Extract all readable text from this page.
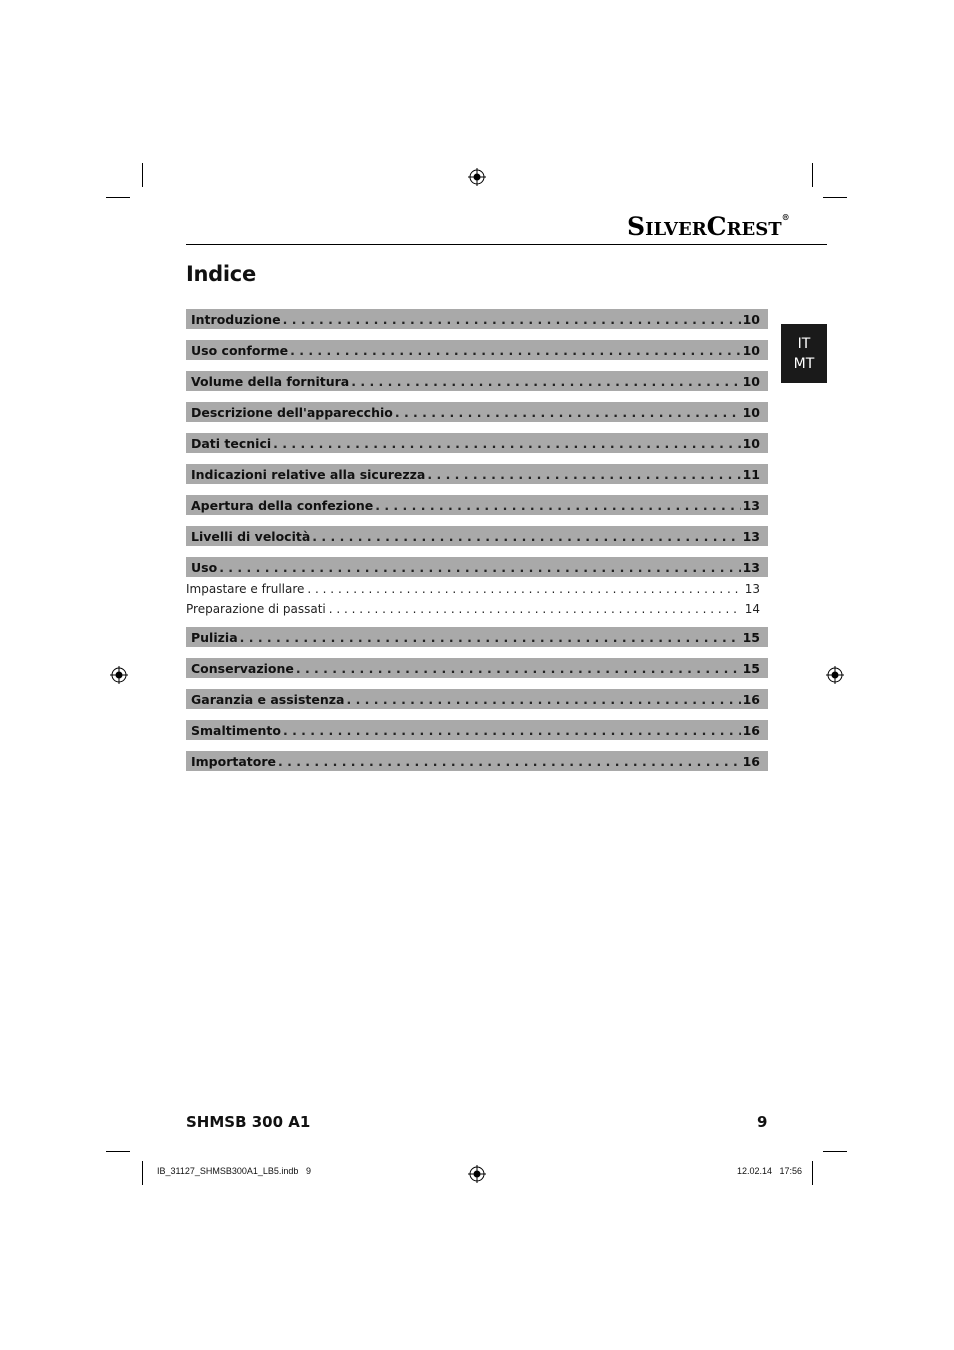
SILVERCREST®
Indice
IT
MT
Introduzione . . .	10
Uso conforme . . .	10
Volume della fornitura . . .	10
Descrizione dell'apparecchio . . .	10
Dati tecnici . . .	10
Indicazioni relative alla sicurezza . . .	11
Apertura della confezione . . .	13
Livelli di velocità . . .	13
Uso . . .	13
Impastare e frullare . . .	13
Preparazione di passati . . .	14
Pulizia . . .	15
Conservazione . . .	15
Garanzia e assistenza . . .	16
Smaltimento . . .	16
Importatore . . .	16
SHMSB 300 A1	9
IB_31127_SHMSB300A1_LB5.indb   9	12.02.14   17:56
